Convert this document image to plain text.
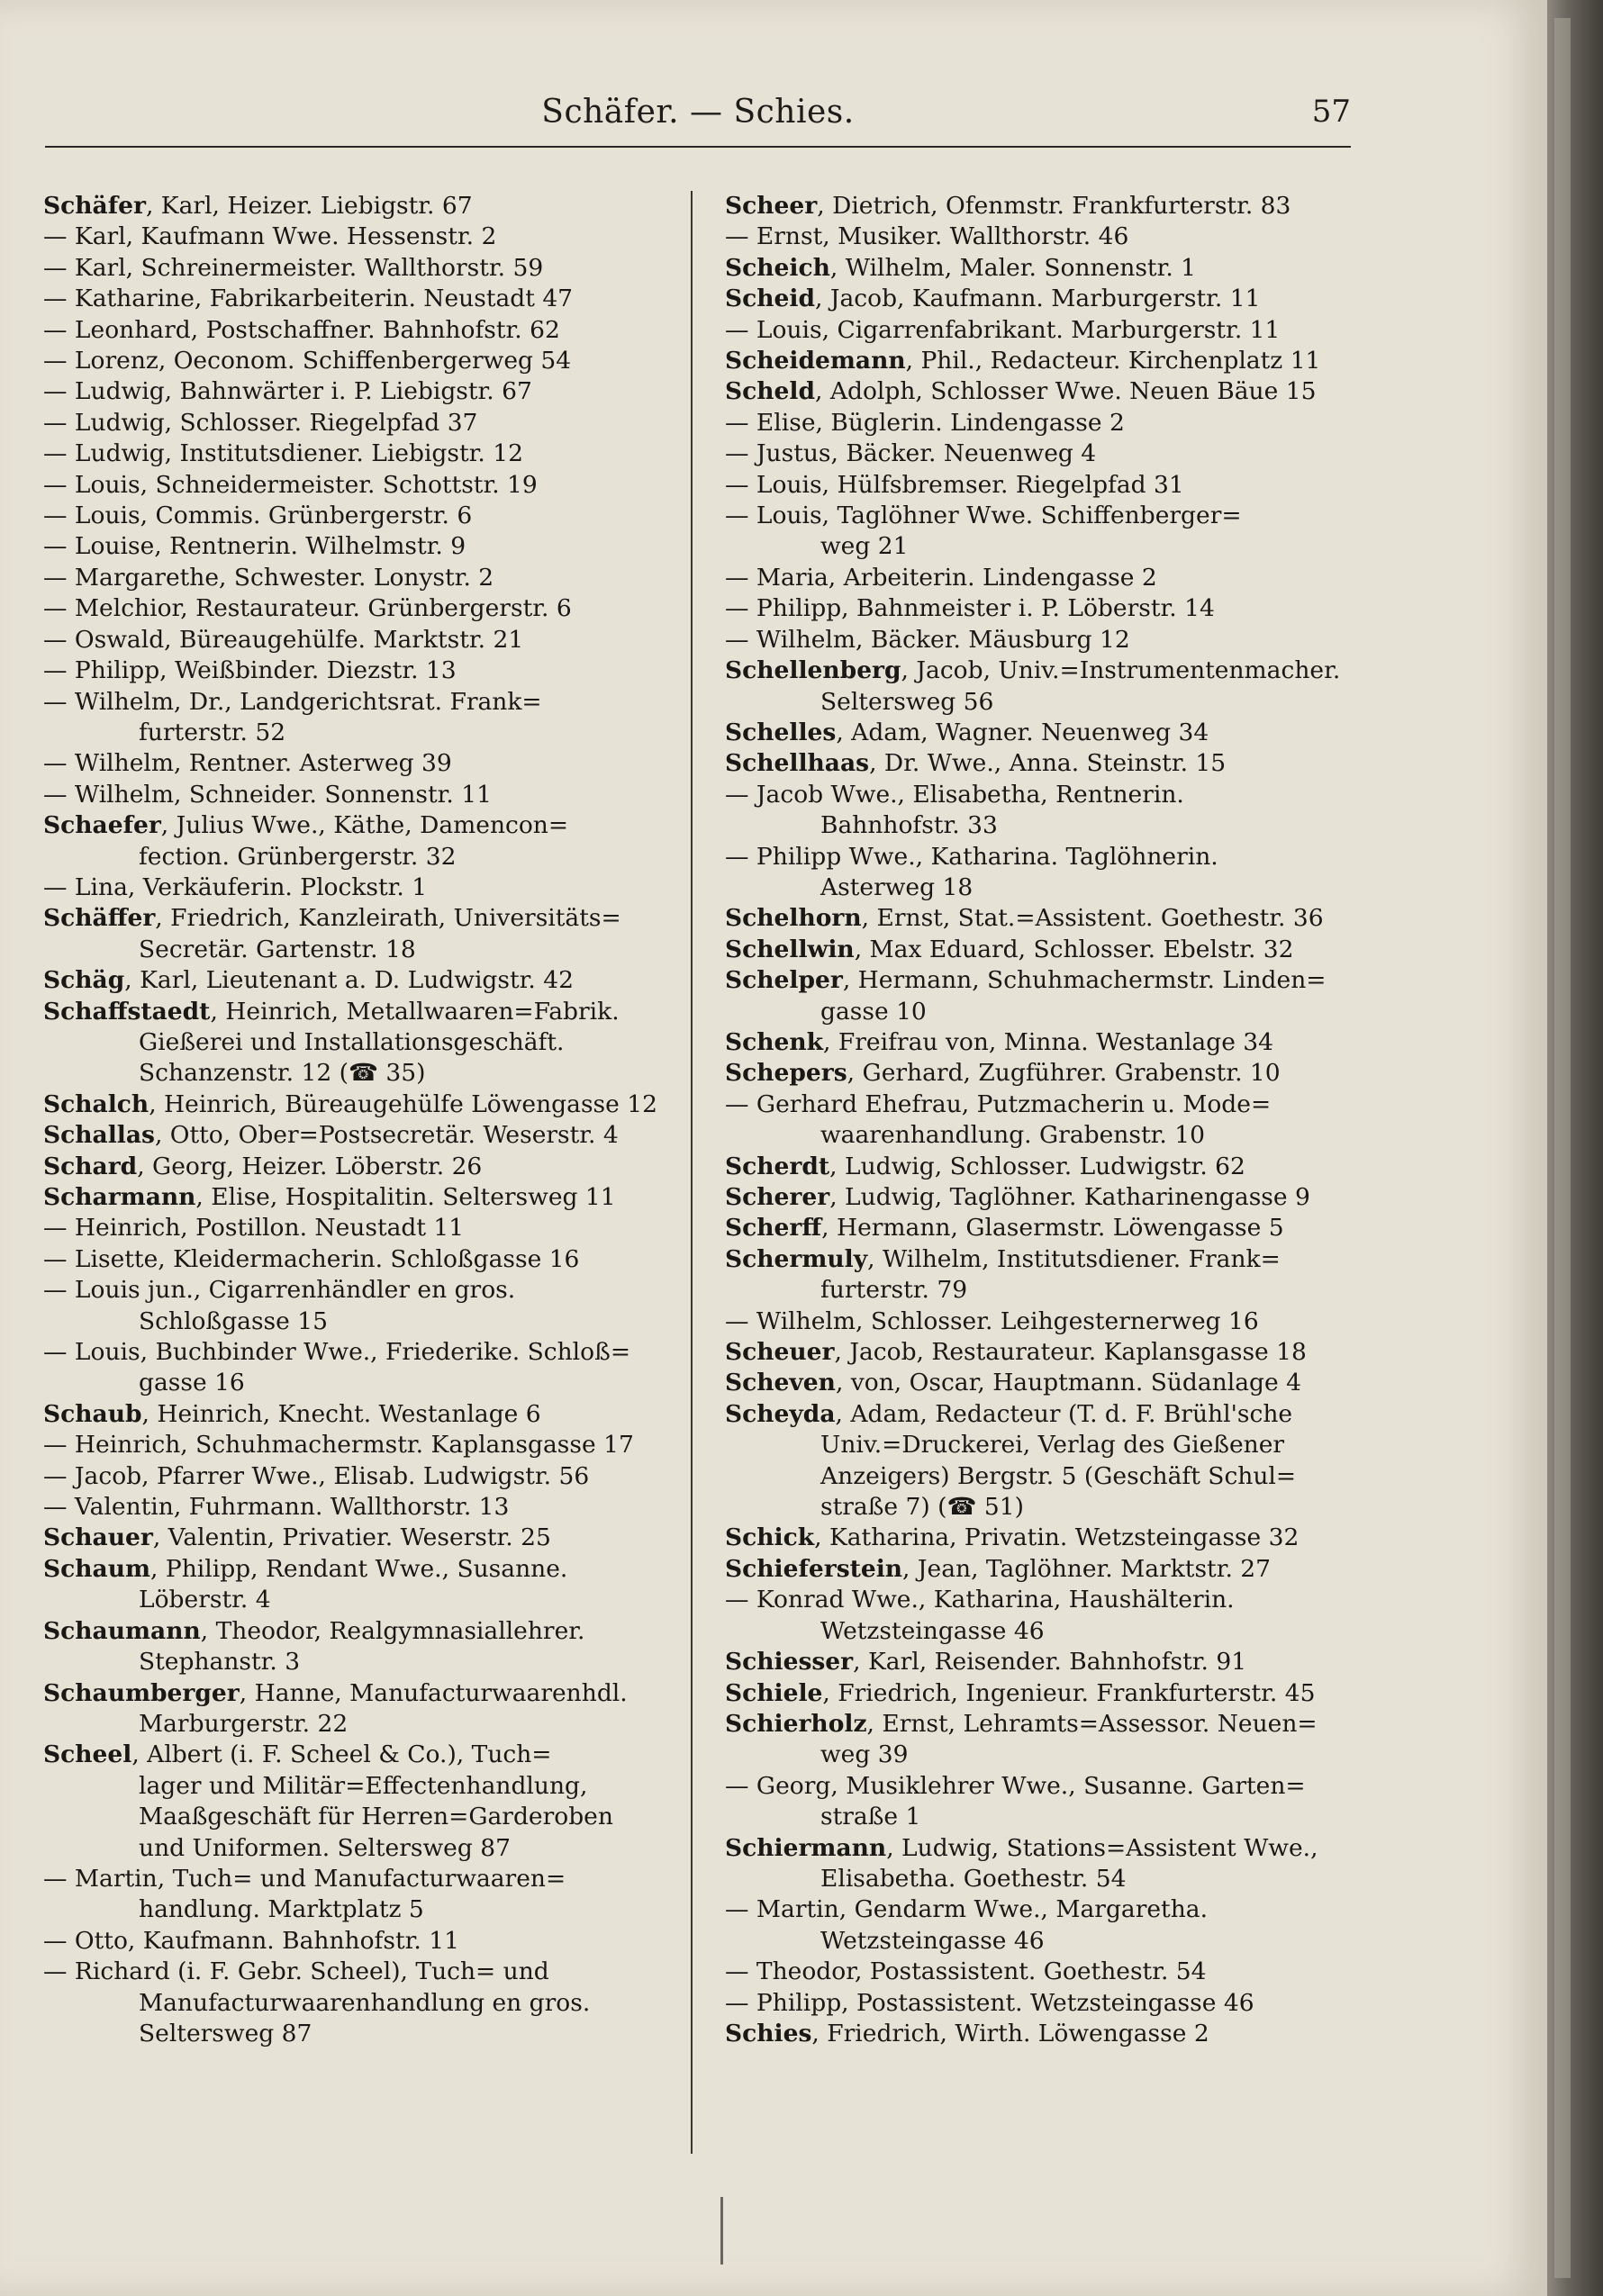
Schäfer. — Schies.	57
Schäfer, Karl, Heizer. Liebigstr. 67
— Karl, Kaufmann Wwe. Hessenstr. 2
— Karl, Schreinermeister. Wallthorstr. 59
— Katharine, Fabrikarbeiterin. Neustadt 47
— Leonhard, Postschaffner. Bahnhofstr. 62
— Lorenz, Oeconom. Schiffenbergerweg 54
— Ludwig, Bahnwärter i. P. Liebigstr. 67
— Ludwig, Schlosser. Riegelpfad 37
— Ludwig, Institutsdiener. Liebigstr. 12
— Louis, Schneidermeister. Schottstr. 19
— Louis, Commis. Grünbergerstr. 6
— Louise, Rentnerin. Wilhelmstr. 9
— Margarethe, Schwester. Lonystr. 2
— Melchior, Restaurateur. Grünbergerstr. 6
— Oswald, Büreaugehülfe. Marktstr. 21
— Philipp, Weißbinder. Diezstr. 13
— Wilhelm, Dr., Landgerichtsrat. Frank=
furterstr. 52
— Wilhelm, Rentner. Asterweg 39
— Wilhelm, Schneider. Sonnenstr. 11
Schaefer, Julius Wwe., Käthe, Damencon=
fection. Grünbergerstr. 32
— Lina, Verkäuferin. Plockstr. 1
Schäffer, Friedrich, Kanzleirath, Universitäts=
Secretär. Gartenstr. 18
Schäg, Karl, Lieutenant a. D. Ludwigstr. 42
Schaffstaedt, Heinrich, Metallwaaren=Fabrik.
Gießerei und Installationsgeschäft.
Schanzenstr. 12 (☎ 35)
Schalch, Heinrich, Büreaugehülfe Löwengasse 12
Schallas, Otto, Ober=Postsecretär. Weserstr. 4
Schard, Georg, Heizer. Löberstr. 26
Scharmann, Elise, Hospitalitin. Seltersweg 11
— Heinrich, Postillon. Neustadt 11
— Lisette, Kleidermacherin. Schloßgasse 16
— Louis jun., Cigarrenhändler en gros.
Schloßgasse 15
— Louis, Buchbinder Wwe., Friederike. Schloß=
gasse 16
Schaub, Heinrich, Knecht. Westanlage 6
— Heinrich, Schuhmachermstr. Kaplansgasse 17
— Jacob, Pfarrer Wwe., Elisab. Ludwigstr. 56
— Valentin, Fuhrmann. Wallthorstr. 13
Schauer, Valentin, Privatier. Weserstr. 25
Schaum, Philipp, Rendant Wwe., Susanne.
Löberstr. 4
Schaumann, Theodor, Realgymnasiallehrer.
Stephanstr. 3
Schaumberger, Hanne, Manufacturwaarenhdl.
Marburgerstr. 22
Scheel, Albert (i. F. Scheel & Co.), Tuch=
lager und Militär=Effectenhandlung,
Maaßgeschäft für Herren=Garderoben
und Uniformen. Seltersweg 87
— Martin, Tuch= und Manufacturwaaren=
handlung. Marktplatz 5
— Otto, Kaufmann. Bahnhofstr. 11
— Richard (i. F. Gebr. Scheel), Tuch= und
Manufacturwaarenhandlung en gros.
Seltersweg 87
Scheer, Dietrich, Ofenmstr. Frankfurterstr. 83
— Ernst, Musiker. Wallthorstr. 46
Scheich, Wilhelm, Maler. Sonnenstr. 1
Scheid, Jacob, Kaufmann. Marburgerstr. 11
— Louis, Cigarrenfabrikant. Marburgerstr. 11
Scheidemann, Phil., Redacteur. Kirchenplatz 11
Scheld, Adolph, Schlosser Wwe. Neuen Bäue 15
— Elise, Büglerin. Lindengasse 2
— Justus, Bäcker. Neuenweg 4
— Louis, Hülfsbremser. Riegelpfad 31
— Louis, Taglöhner Wwe. Schiffenberger=
weg 21
— Maria, Arbeiterin. Lindengasse 2
— Philipp, Bahnmeister i. P. Löberstr. 14
— Wilhelm, Bäcker. Mäusburg 12
Schellenberg, Jacob, Univ.=Instrumentenmacher.
Seltersweg 56
Schelles, Adam, Wagner. Neuenweg 34
Schellhaas, Dr. Wwe., Anna. Steinstr. 15
— Jacob Wwe., Elisabetha, Rentnerin.
Bahnhofstr. 33
— Philipp Wwe., Katharina. Taglöhnerin.
Asterweg 18
Schelhorn, Ernst, Stat.=Assistent. Goethestr. 36
Schellwin, Max Eduard, Schlosser. Ebelstr. 32
Schelper, Hermann, Schuhmachermstr. Linden=
gasse 10
Schenk, Freifrau von, Minna. Westanlage 34
Schepers, Gerhard, Zugführer. Grabenstr. 10
— Gerhard Ehefrau, Putzmacherin u. Mode=
waarenhandlung. Grabenstr. 10
Scherdt, Ludwig, Schlosser. Ludwigstr. 62
Scherer, Ludwig, Taglöhner. Katharinengasse 9
Scherff, Hermann, Glasermstr. Löwengasse 5
Schermuly, Wilhelm, Institutsdiener. Frank=
furterstr. 79
— Wilhelm, Schlosser. Leihgesternerweg 16
Scheuer, Jacob, Restaurateur. Kaplansgasse 18
Scheven, von, Oscar, Hauptmann. Südanlage 4
Scheyda, Adam, Redacteur (T. d. F. Brühl'sche
Univ.=Druckerei, Verlag des Gießener
Anzeigers) Bergstr. 5 (Geschäft Schul=
straße 7) (☎ 51)
Schick, Katharina, Privatin. Wetzsteingasse 32
Schieferstein, Jean, Taglöhner. Marktstr. 27
— Konrad Wwe., Katharina, Haushälterin.
Wetzsteingasse 46
Schiesser, Karl, Reisender. Bahnhofstr. 91
Schiele, Friedrich, Ingenieur. Frankfurterstr. 45
Schierholz, Ernst, Lehramts=Assessor. Neuen=
weg 39
— Georg, Musiklehrer Wwe., Susanne. Garten=
straße 1
Schiermann, Ludwig, Stations=Assistent Wwe.,
Elisabetha. Goethestr. 54
— Martin, Gendarm Wwe., Margaretha.
Wetzsteingasse 46
— Theodor, Postassistent. Goethestr. 54
— Philipp, Postassistent. Wetzsteingasse 46
Schies, Friedrich, Wirth. Löwengasse 2
